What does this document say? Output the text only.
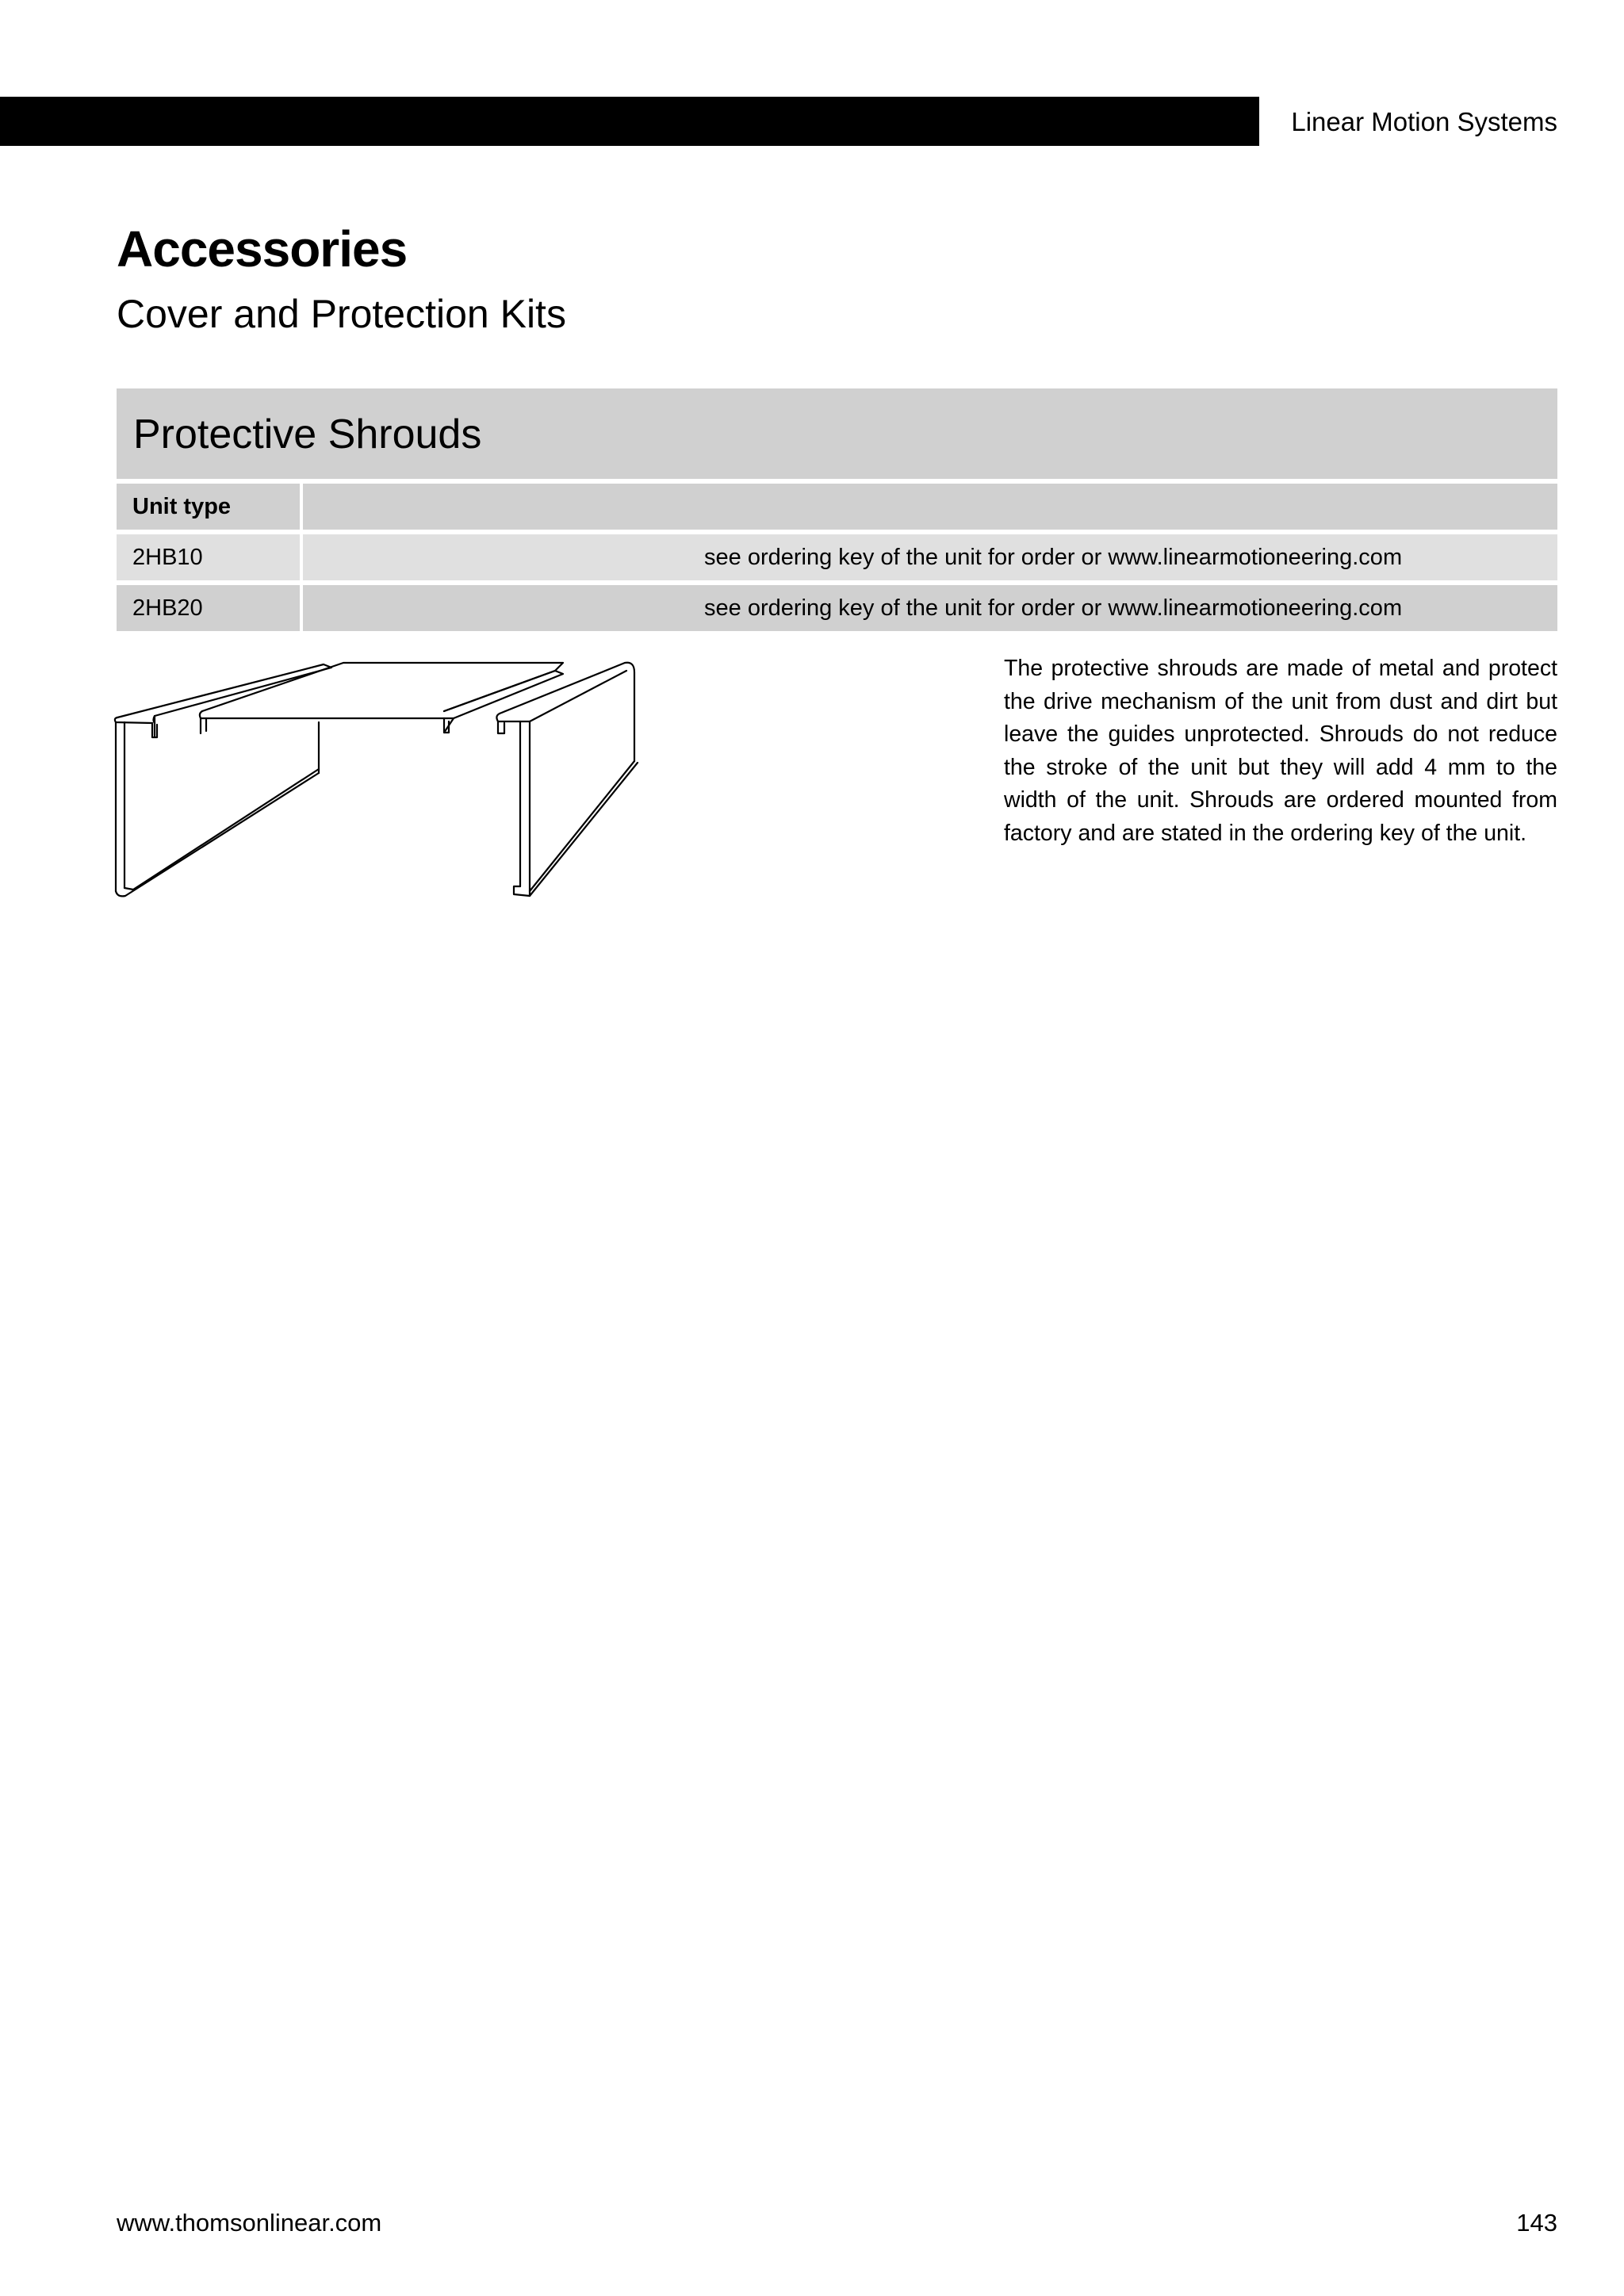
Linear Motion Systems
Accessories
Cover and Protection Kits
Protective Shrouds
Unit type
2HB10	see ordering key of the unit for order or www.linearmotioneering.com
2HB20	see ordering key of the unit for order or www.linearmotioneering.com

The protective shrouds are made of metal and protect the drive mechanism of the unit from dust and dirt but leave the guides unprotected. Shrouds do not reduce the stroke of the unit but they will add 4 mm to the width of the unit. Shrouds are ordered mounted from factory and are stated in the ordering key of the unit.

www.thomsonlinear.com	143
